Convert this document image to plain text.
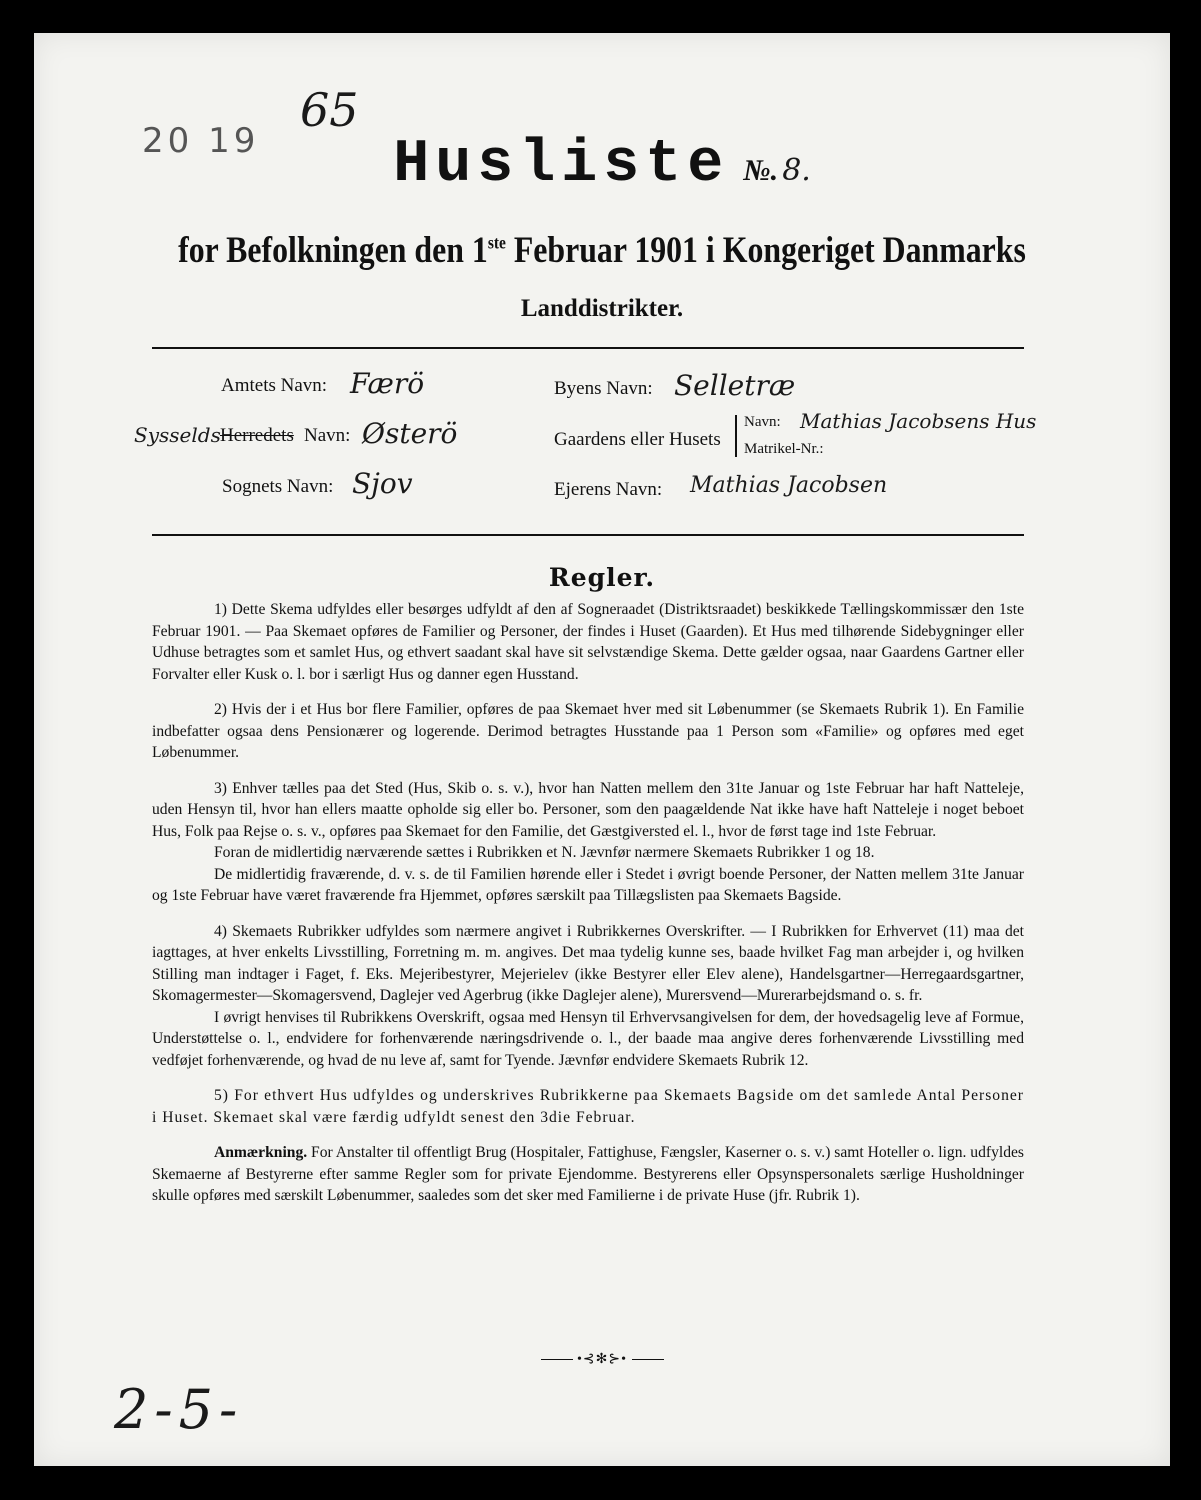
20 19
65
Husliste №. 8.
for Befolkningen den 1ste Februar 1901 i Kongeriget Danmarks
Landdistrikter.
Amtets Navn: Færö
Sysselds Herredets Navn: Østerö
Sognets Navn: Sjov
Byens Navn: Selletræ
Gaardens eller Husets
Navn: Mathias Jacobsens Hus
Matrikel-Nr.:
Ejerens Navn: Mathias Jacobsen
Regler.

1) Dette Skema udfyldes eller besørges udfyldt af den af Sogneraadet (Distriktsraadet) beskikkede Tællingskommissær den 1ste Februar 1901. — Paa Skemaet opføres de Familier og Personer, der findes i Huset (Gaarden). Et Hus med tilhørende Sidebygninger eller Udhuse betragtes som et samlet Hus, og ethvert saadant skal have sit selvstændige Skema. Dette gælder ogsaa, naar Gaardens Gartner eller Forvalter eller Kusk o. l. bor i særligt Hus og danner egen Husstand.

2) Hvis der i et Hus bor flere Familier, opføres de paa Skemaet hver med sit Løbenummer (se Skemaets Rubrik 1). En Familie indbefatter ogsaa dens Pensionærer og logerende. Derimod betragtes Husstande paa 1 Person som «Familie» og opføres med eget Løbenummer.

3) Enhver tælles paa det Sted (Hus, Skib o. s. v.), hvor han Natten mellem den 31te Januar og 1ste Februar har haft Natteleje, uden Hensyn til, hvor han ellers maatte opholde sig eller bo. Personer, som den paagældende Nat ikke have haft Natteleje i noget beboet Hus, Folk paa Rejse o. s. v., opføres paa Skemaet for den Familie, det Gæstgiversted el. l., hvor de først tage ind 1ste Februar.

Foran de midlertidig nærværende sættes i Rubrikken et N. Jævnfør nærmere Skemaets Rubrikker 1 og 18.

De midlertidig fraværende, d. v. s. de til Familien hørende eller i Stedet i øvrigt boende Personer, der Natten mellem 31te Januar og 1ste Februar have været fraværende fra Hjemmet, opføres særskilt paa Tillægslisten paa Skemaets Bagside.

4) Skemaets Rubrikker udfyldes som nærmere angivet i Rubrikkernes Overskrifter. — I Rubrikken for Erhvervet (11) maa det iagttages, at hver enkelts Livsstilling, Forretning m. m. angives. Det maa tydelig kunne ses, baade hvilket Fag man arbejder i, og hvilken Stilling man indtager i Faget, f. Eks. Mejeribestyrer, Mejerielev (ikke Bestyrer eller Elev alene), Handelsgartner—Herregaardsgartner, Skomagermester—Skomagersvend, Daglejer ved Agerbrug (ikke Daglejer alene), Murersvend—Murerarbejdsmand o. s. fr.

I øvrigt henvises til Rubrikkens Overskrift, ogsaa med Hensyn til Erhvervsangivelsen for dem, der hovedsagelig leve af Formue, Understøttelse o. l., endvidere for forhenværende næringsdrivende o. l., der baade maa angive deres forhenværende Livsstilling med vedføjet forhenværende, og hvad de nu leve af, samt for Tyende. Jævnfør endvidere Skemaets Rubrik 12.

5) For ethvert Hus udfyldes og underskrives Rubrikkerne paa Skemaets Bagside om det samlede Antal Personer i Huset. Skemaet skal være færdig udfyldt senest den 3die Februar.

Anmærkning. For Anstalter til offentligt Brug (Hospitaler, Fattighuse, Fængsler, Kaserner o. s. v.) samt Hoteller o. lign. udfyldes Skemaerne af Bestyrerne efter samme Regler som for private Ejendomme. Bestyrerens eller Opsynspersonalets særlige Husholdninger skulle opføres med særskilt Løbenummer, saaledes som det sker med Familierne i de private Huse (jfr. Rubrik 1).

•⊰✻⊱•
2-5-
